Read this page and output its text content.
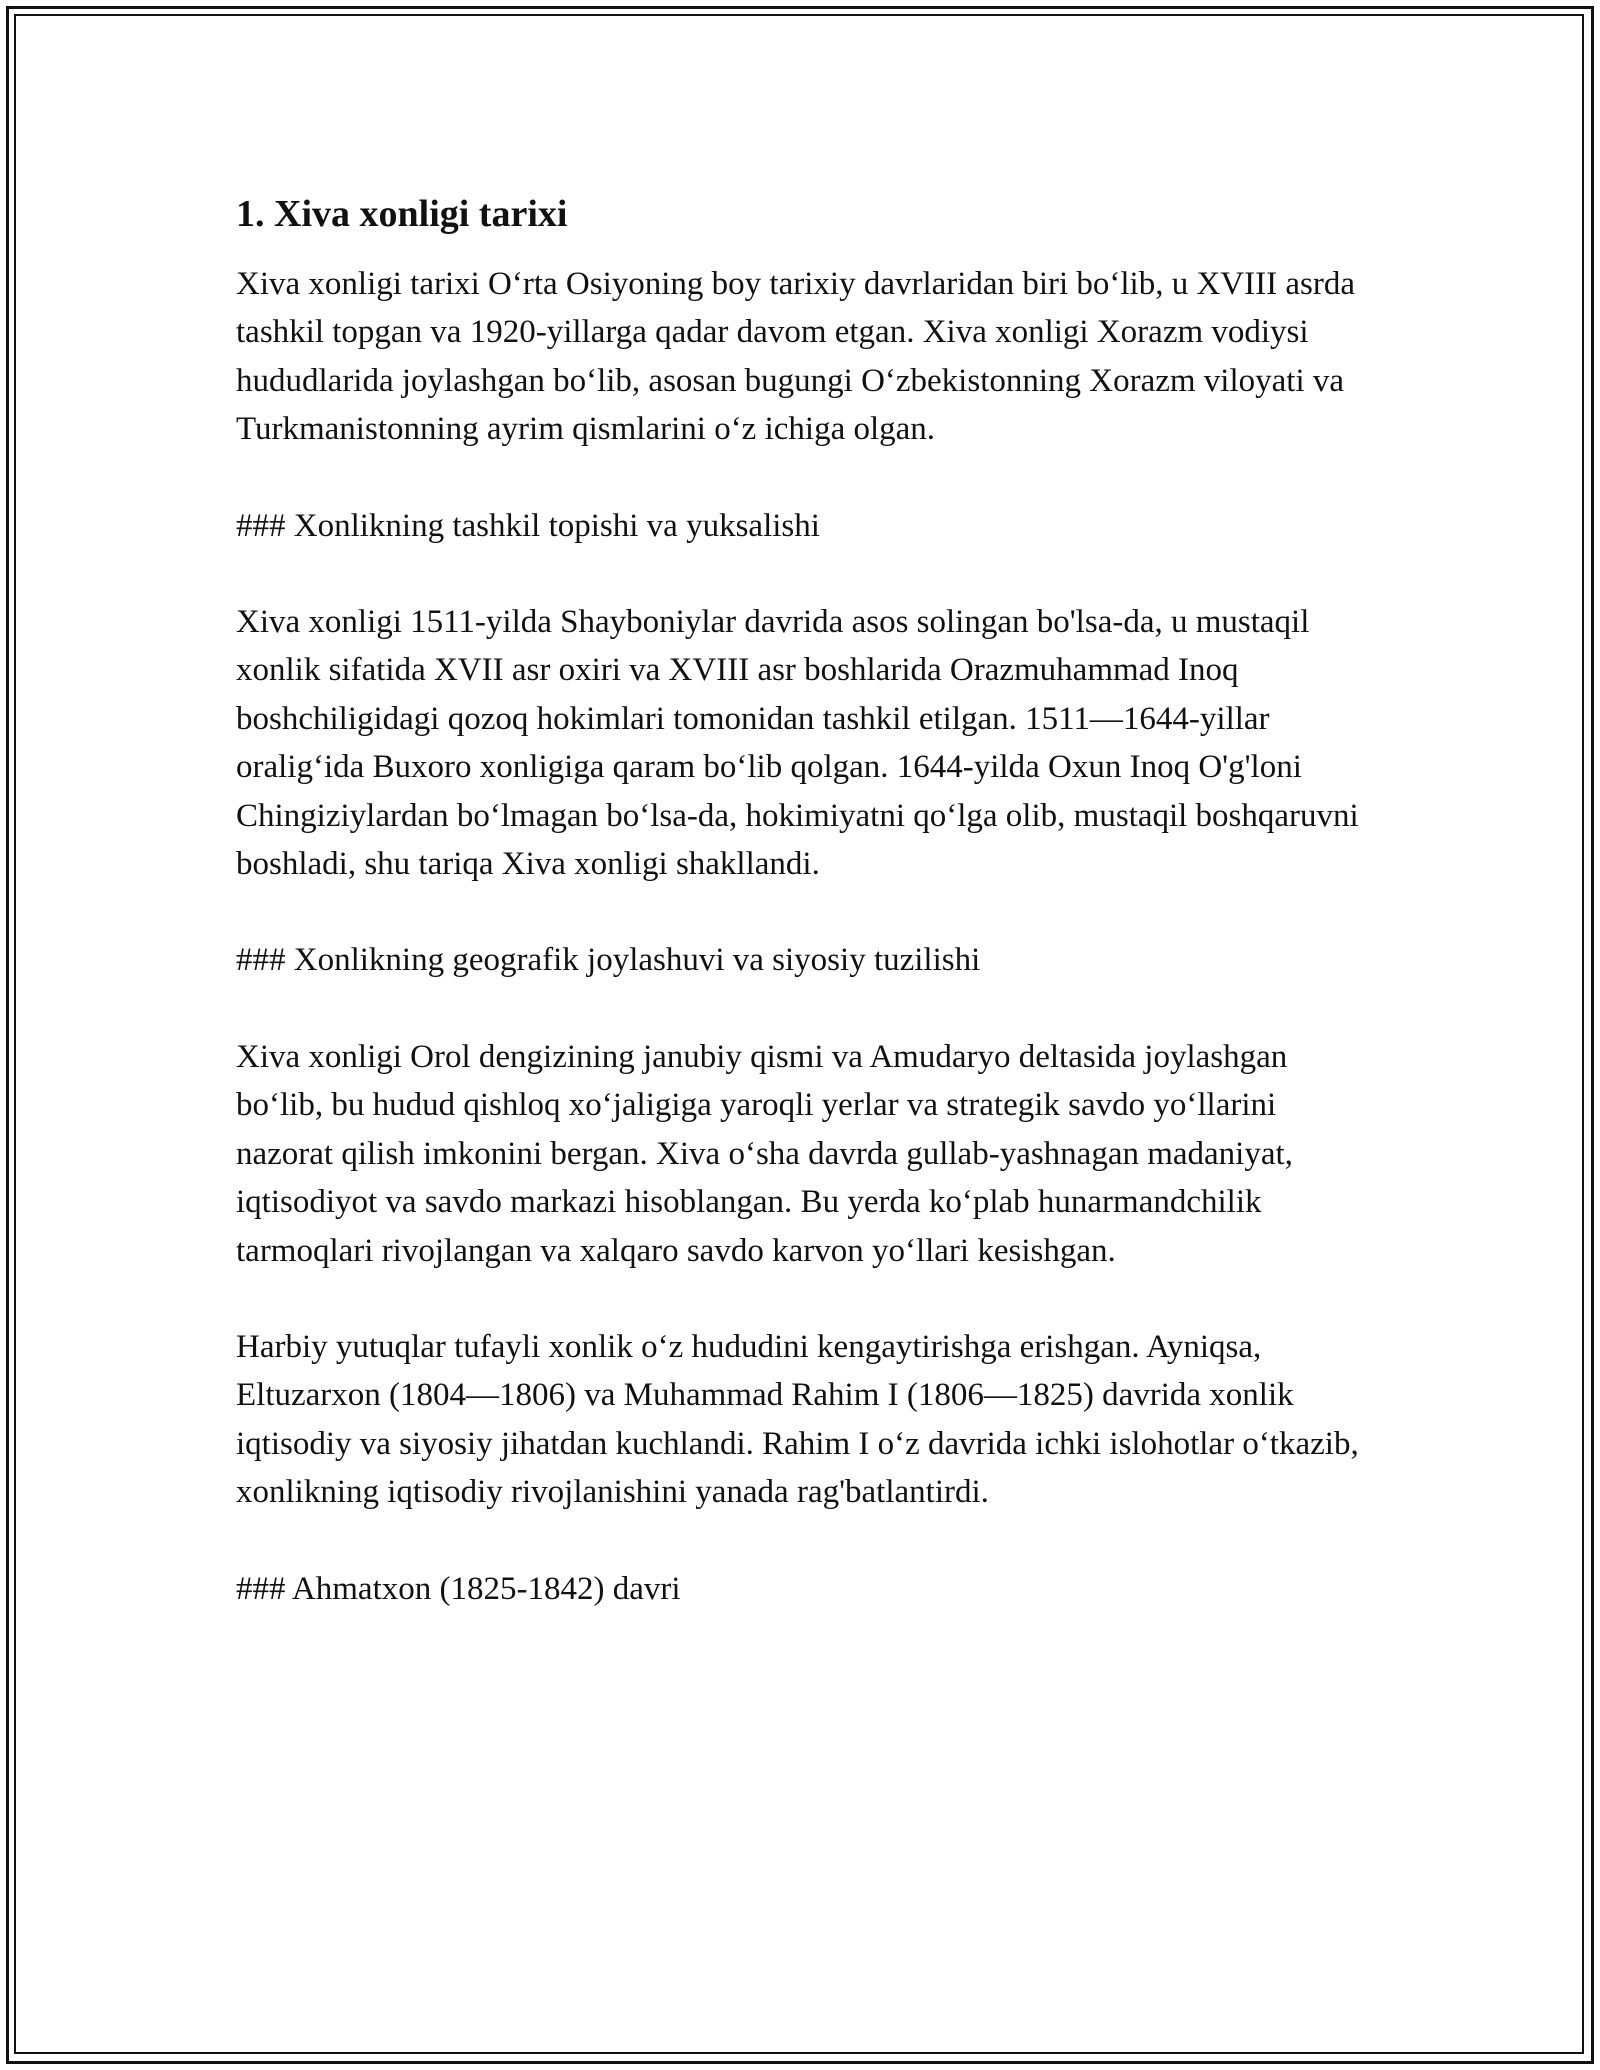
1. Xiva xonligi tarixi

Xiva xonligi tarixi O‘rta Osiyoning boy tarixiy davrlaridan biri bo‘lib, u XVIII asrda tashkil topgan va 1920-yillarga qadar davom etgan. Xiva xonligi Xorazm vodiysi hududlarida joylashgan bo‘lib, asosan bugungi O‘zbekistonning Xorazm viloyati va Turkmanistonning ayrim qismlarini o‘z ichiga olgan.

### Xonlikning tashkil topishi va yuksalishi

Xiva xonligi 1511-yilda Shayboniylar davrida asos solingan bo'lsa-da, u mustaqil xonlik sifatida XVII asr oxiri va XVIII asr boshlarida Orazmuhammad Inoq boshchiligidagi qozoq hokimlari tomonidan tashkil etilgan. 1511—1644-yillar oralig‘ida Buxoro xonligiga qaram bo‘lib qolgan. 1644-yilda Oxun Inoq O'g'loni Chingiziylardan bo‘lmagan bo‘lsa-da, hokimiyatni qo‘lga olib, mustaqil boshqaruvni boshladi, shu tariqa Xiva xonligi shakllandi.

### Xonlikning geografik joylashuvi va siyosiy tuzilishi

Xiva xonligi Orol dengizining janubiy qismi va Amudaryo deltasida joylashgan bo‘lib, bu hudud qishloq xo‘jaligiga yaroqli yerlar va strategik savdo yo‘llarini nazorat qilish imkonini bergan. Xiva o‘sha davrda gullab-yashnagan madaniyat, iqtisodiyot va savdo markazi hisoblangan. Bu yerda ko‘plab hunarmandchilik tarmoqlari rivojlangan va xalqaro savdo karvon yo‘llari kesishgan.

Harbiy yutuqlar tufayli xonlik o‘z hududini kengaytirishga erishgan. Ayniqsa, Eltuzarxon (1804—1806) va Muhammad Rahim I (1806—1825) davrida xonlik iqtisodiy va siyosiy jihatdan kuchlandi. Rahim I o‘z davrida ichki islohotlar o‘tkazib, xonlikning iqtisodiy rivojlanishini yanada rag'batlantirdi.

### Ahmatxon (1825-1842) davri
